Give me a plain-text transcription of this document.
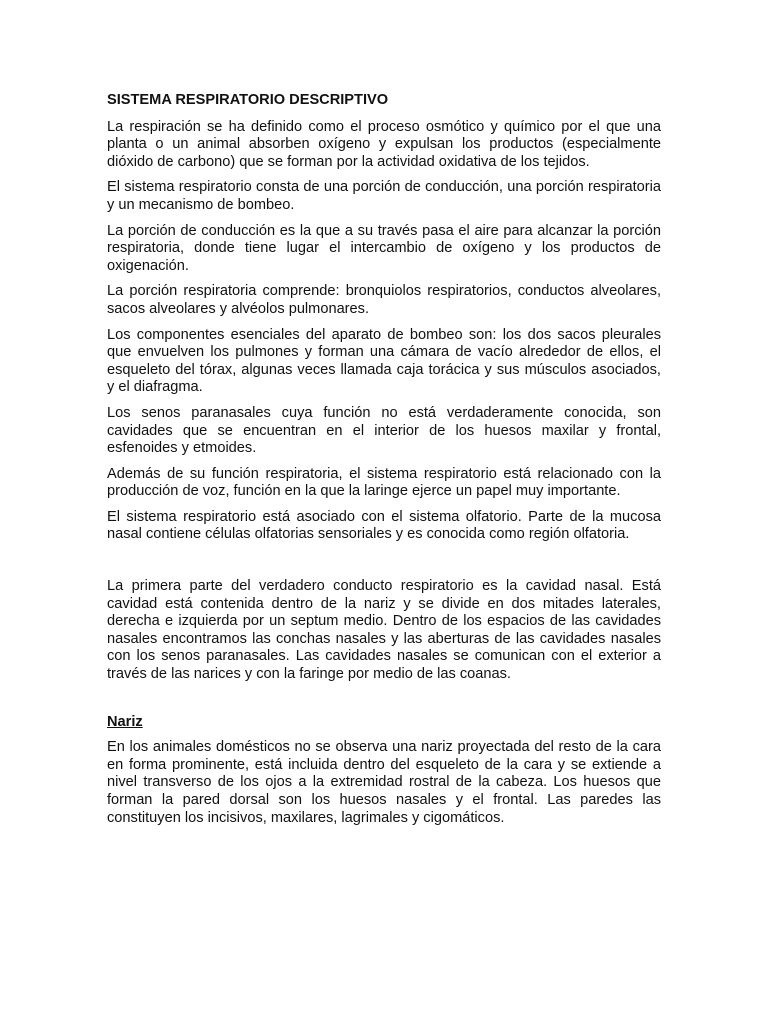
SISTEMA RESPIRATORIO DESCRIPTIVO

La respiración se ha definido como el proceso osmótico y químico por el que una planta o un animal absorben oxígeno y expulsan los productos (especialmente dióxido de carbono) que se forman por la actividad oxidativa de los tejidos.

El sistema respiratorio consta de una porción de conducción, una porción respiratoria y un mecanismo de bombeo.

La porción de conducción es la que a su través pasa el aire para alcanzar la porción respiratoria, donde tiene lugar el intercambio de oxígeno y los productos de oxigenación.

La porción respiratoria comprende: bronquiolos respiratorios, conductos alveolares, sacos alveolares y alvéolos pulmonares.

Los componentes esenciales del aparato de bombeo son: los dos sacos pleurales que envuelven los pulmones y forman una cámara de vacío alrededor de ellos, el esqueleto del tórax, algunas veces llamada caja torácica y sus músculos asociados, y el diafragma.

Los senos paranasales cuya función no está verdaderamente conocida, son cavidades que se encuentran en el interior de los huesos maxilar y frontal, esfenoides y etmoides.

Además de su función respiratoria, el sistema respiratorio está relacionado con la producción de voz, función en la que la laringe ejerce un papel muy importante.

El sistema respiratorio está asociado con el sistema olfatorio. Parte de la mucosa nasal contiene células olfatorias sensoriales y es conocida como región olfatoria.

La primera parte del verdadero conducto respiratorio es la cavidad nasal. Está cavidad está contenida dentro de la nariz y se divide en dos mitades laterales, derecha e izquierda por un septum medio. Dentro de los espacios de las cavidades nasales encontramos las conchas nasales y las aberturas de las cavidades nasales con los senos paranasales. Las cavidades nasales se comunican con el exterior a través de las narices y con la faringe por medio de las coanas.

Nariz

En los animales domésticos no se observa una nariz proyectada del resto de la cara en forma prominente, está incluida dentro del esqueleto de la cara y se extiende a nivel transverso de los ojos a la extremidad rostral de la cabeza. Los huesos que forman la pared dorsal son los huesos nasales y el frontal. Las paredes las constituyen los incisivos, maxilares, lagrimales y cigomáticos.
